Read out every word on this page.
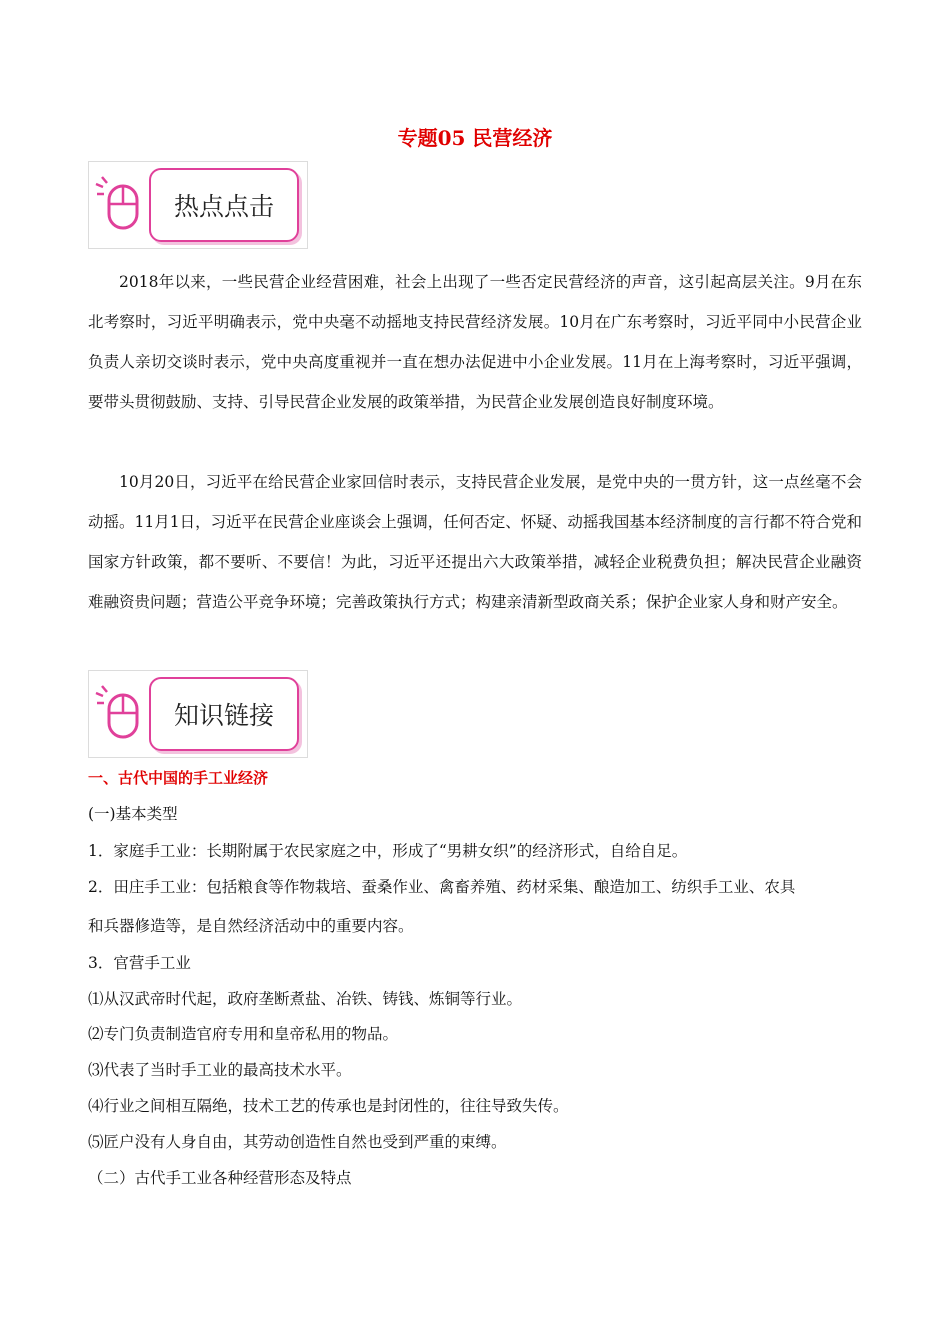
专题05 民营经济
热点点击

2018年以来，一些民营企业经营困难，社会上出现了一些否定民营经济的声音，这引起高层关注。9月在东北考察时，习近平明确表示，党中央毫不动摇地支持民营经济发展。10月在广东考察时，习近平同中小民营企业负责人亲切交谈时表示，党中央高度重视并一直在想办法促进中小企业发展。11月在上海考察时，习近平强调，要带头贯彻鼓励、支持、引导民营企业发展的政策举措，为民营企业发展创造良好制度环境。

10月20日，习近平在给民营企业家回信时表示，支持民营企业发展，是党中央的一贯方针，这一点丝毫不会动摇。11月1日，习近平在民营企业座谈会上强调，任何否定、怀疑、动摇我国基本经济制度的言行都不符合党和国家方针政策，都不要听、不要信！为此，习近平还提出六大政策举措，减轻企业税费负担；解决民营企业融资难融资贵问题；营造公平竞争环境；完善政策执行方式；构建亲清新型政商关系；保护企业家人身和财产安全。

知识链接
一、古代中国的手工业经济
(一)基本类型
1．家庭手工业：长期附属于农民家庭之中，形成了“男耕女织”的经济形式，自给自足。
2．田庄手工业：包括粮食等作物栽培、蚕桑作业、禽畜养殖、药材采集、酿造加工、纺织手工业、农具
和兵器修造等，是自然经济活动中的重要内容。
3．官营手工业
⑴从汉武帝时代起，政府垄断煮盐、冶铁、铸钱、炼铜等行业。
⑵专门负责制造官府专用和皇帝私用的物品。
⑶代表了当时手工业的最高技术水平。
⑷行业之间相互隔绝，技术工艺的传承也是封闭性的，往往导致失传。
⑸匠户没有人身自由，其劳动创造性自然也受到严重的束缚。
（二）古代手工业各种经营形态及特点
